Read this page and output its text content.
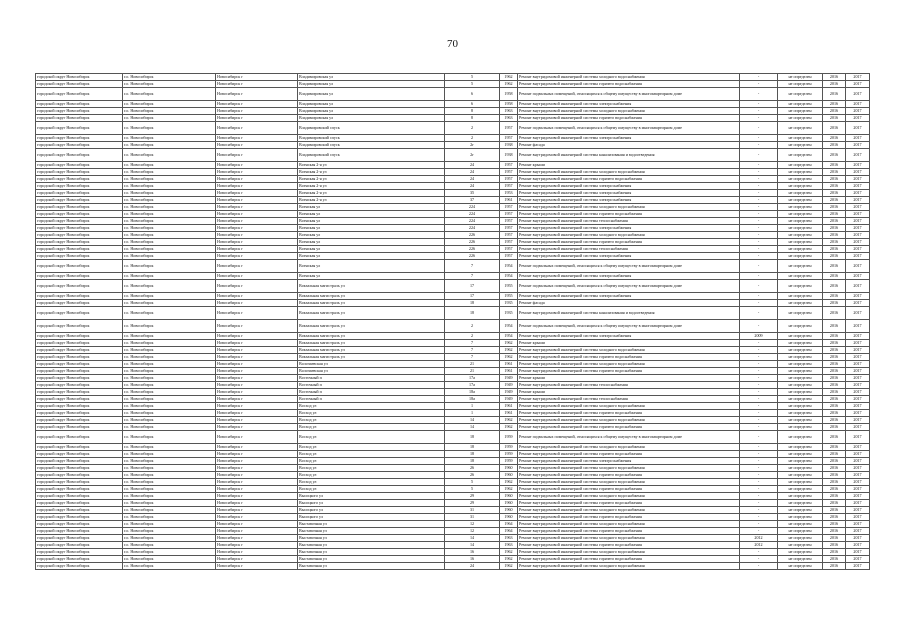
70
городской округ Новосибирск	г.о. Новосибирск	Новосибирск г	Владимировская ул	5	1962	Ремонт внутридомовой инженерной системы холодного водоснабжения	-	не определен	2016	2017
городской округ Новосибирск	г.о. Новосибирск	Новосибирск г	Владимировская ул	5	1962	Ремонт внутридомовой инженерной системы горячего водоснабжения	-	не определен	2016	2017
городской округ Новосибирск	г.о. Новосибирск	Новосибирск г	Владимировская ул	6	1958	Ремонт подвальных помещений, относящихся к общему имуществу в многоквартирном доме	-	не определен	2016	2017
городской округ Новосибирск	г.о. Новосибирск	Новосибирск г	Владимировская ул	6	1958	Ремонт внутридомовой инженерной системы электроснабжения	-	не определен	2016	2017
городской округ Новосибирск	г.о. Новосибирск	Новосибирск г	Владимировская ул	8	1963	Ремонт внутридомовой инженерной системы холодного водоснабжения	-	не определен	2016	2017
городской округ Новосибирск	г.о. Новосибирск	Новосибирск г	Владимировская ул	8	1963	Ремонт внутридомовой инженерной системы горячего водоснабжения	-	не определен	2016	2017
городской округ Новосибирск	г.о. Новосибирск	Новосибирск г	Владимировский спуск	2	1957	Ремонт подвальных помещений, относящихся к общему имуществу в многоквартирном доме	-	не определен	2016	2017
городской округ Новосибирск	г.о. Новосибирск	Новосибирск г	Владимировский спуск	2	1957	Ремонт внутридомовой инженерной системы электроснабжения	-	не определен	2016	2017
городской округ Новосибирск	г.о. Новосибирск	Новосибирск г	Владимировский спуск	2г	1938	Ремонт фасада	-	не определен	2016	2017
городской округ Новосибирск	г.о. Новосибирск	Новосибирск г	Владимировский спуск	2г	1938	Ремонт внутридомовой инженерной системы канализования и водоотведения	-	не определен	2016	2017
городской округ Новосибирск	г.о. Новосибирск	Новосибирск г	Военская 2-я ул	24	1957	Ремонт крыши	-	не определен	2016	2017
городской округ Новосибирск	г.о. Новосибирск	Новосибирск г	Военская 2-я ул	24	1957	Ремонт внутридомовой инженерной системы холодного водоснабжения	-	не определен	2016	2017
городской округ Новосибирск	г.о. Новосибирск	Новосибирск г	Военская 2-я ул	24	1957	Ремонт внутридомовой инженерной системы горячего водоснабжения	-	не определен	2016	2017
городской округ Новосибирск	г.о. Новосибирск	Новосибирск г	Военская 2-я ул	24	1957	Ремонт внутридомовой инженерной системы электроснабжения	-	не определен	2016	2017
городской округ Новосибирск	г.о. Новосибирск	Новосибирск г	Военская 2-я ул	35	1953	Ремонт внутридомовой инженерной системы электроснабжения	-	не определен	2016	2017
городской округ Новосибирск	г.о. Новосибирск	Новосибирск г	Военская 2-я ул	37	1961	Ремонт внутридомовой инженерной системы электроснабжения	-	не определен	2016	2017
городской округ Новосибирск	г.о. Новосибирск	Новосибирск г	Военская ул	224	1957	Ремонт внутридомовой инженерной системы холодного водоснабжения	-	не определен	2016	2017
городской округ Новосибирск	г.о. Новосибирск	Новосибирск г	Военская ул	224	1957	Ремонт внутридомовой инженерной системы горячего водоснабжения	-	не определен	2016	2017
городской округ Новосибирск	г.о. Новосибирск	Новосибирск г	Военская ул	224	1957	Ремонт внутридомовой инженерной системы теплоснабжения	-	не определен	2016	2017
городской округ Новосибирск	г.о. Новосибирск	Новосибирск г	Военская ул	224	1957	Ремонт внутридомовой инженерной системы электроснабжения	-	не определен	2016	2017
городской округ Новосибирск	г.о. Новосибирск	Новосибирск г	Военская ул	226	1957	Ремонт внутридомовой инженерной системы холодного водоснабжения	-	не определен	2016	2017
городской округ Новосибирск	г.о. Новосибирск	Новосибирск г	Военская ул	226	1957	Ремонт внутридомовой инженерной системы горячего водоснабжения	-	не определен	2016	2017
городской округ Новосибирск	г.о. Новосибирск	Новосибирск г	Военская ул	226	1957	Ремонт внутридомовой инженерной системы теплоснабжения	-	не определен	2016	2017
городской округ Новосибирск	г.о. Новосибирск	Новосибирск г	Военская ул	226	1957	Ремонт внутридомовой инженерной системы электроснабжения	-	не определен	2016	2017
городской округ Новосибирск	г.о. Новосибирск	Новосибирск г	Военская ул	7	1954	Ремонт подвальных помещений, относящихся к общему имуществу в многоквартирном доме	-	не определен	2016	2017
городской округ Новосибирск	г.о. Новосибирск	Новосибирск г	Военская ул	7	1954	Ремонт внутридомовой инженерной системы электроснабжения	-	не определен	2016	2017
городской округ Новосибирск	г.о. Новосибирск	Новосибирск г	Вокзальная магистраль ул	17	1955	Ремонт подвальных помещений, относящихся к общему имуществу в многоквартирном доме	-	не определен	2016	2017
городской округ Новосибирск	г.о. Новосибирск	Новосибирск г	Вокзальная магистраль ул	17	1955	Ремонт внутридомовой инженерной системы электроснабжения	-	не определен	2016	2017
городской округ Новосибирск	г.о. Новосибирск	Новосибирск г	Вокзальная магистраль ул	18	1935	Ремонт фасада	-	не определен	2016	2017
городской округ Новосибирск	г.о. Новосибирск	Новосибирск г	Вокзальная магистраль ул	18	1935	Ремонт внутридомовой инженерной системы канализования и водоотведения	-	не определен	2016	2017
городской округ Новосибирск	г.о. Новосибирск	Новосибирск г	Вокзальная магистраль ул	2	1954	Ремонт подвальных помещений, относящихся к общему имуществу в многоквартирном доме	-	не определен	2016	2017
городской округ Новосибирск	г.о. Новосибирск	Новосибирск г	Вокзальная магистраль ул	2	1954	Ремонт внутридомовой инженерной системы электроснабжения	2009	не определен	2016	2017
городской округ Новосибирск	г.о. Новосибирск	Новосибирск г	Вокзальная магистраль ул	7	1962	Ремонт крыши	-	не определен	2016	2017
городской округ Новосибирск	г.о. Новосибирск	Новосибирск г	Вокзальная магистраль ул	7	1962	Ремонт внутридомовой инженерной системы холодного водоснабжения	-	не определен	2016	2017
городской округ Новосибирск	г.о. Новосибирск	Новосибирск г	Вокзальная магистраль ул	7	1962	Ремонт внутридомовой инженерной системы горячего водоснабжения	-	не определен	2016	2017
городской округ Новосибирск	г.о. Новосибирск	Новосибирск г	Волочаевская ул	21	1961	Ремонт внутридомовой инженерной системы холодного водоснабжения	-	не определен	2016	2017
городской округ Новосибирск	г.о. Новосибирск	Новосибирск г	Волочаевская ул	21	1961	Ремонт внутридомовой инженерной системы горячего водоснабжения	-	не определен	2016	2017
городской округ Новосибирск	г.о. Новосибирск	Новосибирск г	Восточный п	17а	1949	Ремонт крыши	-	не определен	2016	2017
городской округ Новосибирск	г.о. Новосибирск	Новосибирск г	Восточный п	17а	1949	Ремонт внутридомовой инженерной системы теплоснабжения	-	не определен	2016	2017
городской округ Новосибирск	г.о. Новосибирск	Новосибирск г	Восточный п	18а	1949	Ремонт крыши	-	не определен	2016	2017
городской округ Новосибирск	г.о. Новосибирск	Новосибирск г	Восточный п	18а	1949	Ремонт внутридомовой инженерной системы теплоснабжения	-	не определен	2016	2017
городской округ Новосибирск	г.о. Новосибирск	Новосибирск г	Восход ул	1	1961	Ремонт внутридомовой инженерной системы холодного водоснабжения	-	не определен	2016	2017
городской округ Новосибирск	г.о. Новосибирск	Новосибирск г	Восход ул	1	1961	Ремонт внутридомовой инженерной системы горячего водоснабжения	-	не определен	2016	2017
городской округ Новосибирск	г.о. Новосибирск	Новосибирск г	Восход ул	14	1962	Ремонт внутридомовой инженерной системы холодного водоснабжения	-	не определен	2016	2017
городской округ Новосибирск	г.о. Новосибирск	Новосибирск г	Восход ул	14	1962	Ремонт внутридомовой инженерной системы горячего водоснабжения	-	не определен	2016	2017
городской округ Новосибирск	г.о. Новосибирск	Новосибирск г	Восход ул	18	1959	Ремонт подвальных помещений, относящихся к общему имуществу в многоквартирном доме	-	не определен	2016	2017
городской округ Новосибирск	г.о. Новосибирск	Новосибирск г	Восход ул	18	1959	Ремонт внутридомовой инженерной системы холодного водоснабжения	-	не определен	2016	2017
городской округ Новосибирск	г.о. Новосибирск	Новосибирск г	Восход ул	18	1959	Ремонт внутридомовой инженерной системы горячего водоснабжения	-	не определен	2016	2017
городской округ Новосибирск	г.о. Новосибирск	Новосибирск г	Восход ул	18	1959	Ремонт внутридомовой инженерной системы электроснабжения	-	не определен	2016	2017
городской округ Новосибирск	г.о. Новосибирск	Новосибирск г	Восход ул	26	1960	Ремонт внутридомовой инженерной системы холодного водоснабжения	-	не определен	2016	2017
городской округ Новосибирск	г.о. Новосибирск	Новосибирск г	Восход ул	26	1960	Ремонт внутридомовой инженерной системы горячего водоснабжения	-	не определен	2016	2017
городской округ Новосибирск	г.о. Новосибирск	Новосибирск г	Восход ул	5	1962	Ремонт внутридомовой инженерной системы холодного водоснабжения	-	не определен	2016	2017
городской округ Новосибирск	г.о. Новосибирск	Новосибирск г	Восход ул	5	1962	Ремонт внутридомовой инженерной системы горячего водоснабжения	-	не определен	2016	2017
городской округ Новосибирск	г.о. Новосибирск	Новосибирск г	Высоцкого ул	29	1960	Ремонт внутридомовой инженерной системы холодного водоснабжения	-	не определен	2016	2017
городской округ Новосибирск	г.о. Новосибирск	Новосибирск г	Высоцкого ул	29	1960	Ремонт внутридомовой инженерной системы горячего водоснабжения	-	не определен	2016	2017
городской округ Новосибирск	г.о. Новосибирск	Новосибирск г	Высоцкого ул	31	1960	Ремонт внутридомовой инженерной системы холодного водоснабжения	-	не определен	2016	2017
городской округ Новосибирск	г.о. Новосибирск	Новосибирск г	Высоцкого ул	31	1960	Ремонт внутридомовой инженерной системы горячего водоснабжения	-	не определен	2016	2017
городской округ Новосибирск	г.о. Новосибирск	Новосибирск г	Выставочная ул	12	1964	Ремонт внутридомовой инженерной системы холодного водоснабжения	-	не определен	2016	2017
городской округ Новосибирск	г.о. Новосибирск	Новосибирск г	Выставочная ул	12	1964	Ремонт внутридомовой инженерной системы горячего водоснабжения	-	не определен	2016	2017
городской округ Новосибирск	г.о. Новосибирск	Новосибирск г	Выставочная ул	14	1963	Ремонт внутридомовой инженерной системы холодного водоснабжения	2012	не определен	2016	2017
городской округ Новосибирск	г.о. Новосибирск	Новосибирск г	Выставочная ул	14	1963	Ремонт внутридомовой инженерной системы горячего водоснабжения	2012	не определен	2016	2017
городской округ Новосибирск	г.о. Новосибирск	Новосибирск г	Выставочная ул	16	1962	Ремонт внутридомовой инженерной системы холодного водоснабжения	-	не определен	2016	2017
городской округ Новосибирск	г.о. Новосибирск	Новосибирск г	Выставочная ул	16	1962	Ремонт внутридомовой инженерной системы горячего водоснабжения	-	не определен	2016	2017
городской округ Новосибирск	г.о. Новосибирск	Новосибирск г	Выставочная ул	24	1962	Ремонт внутридомовой инженерной системы холодного водоснабжения	-	не определен	2016	2017
